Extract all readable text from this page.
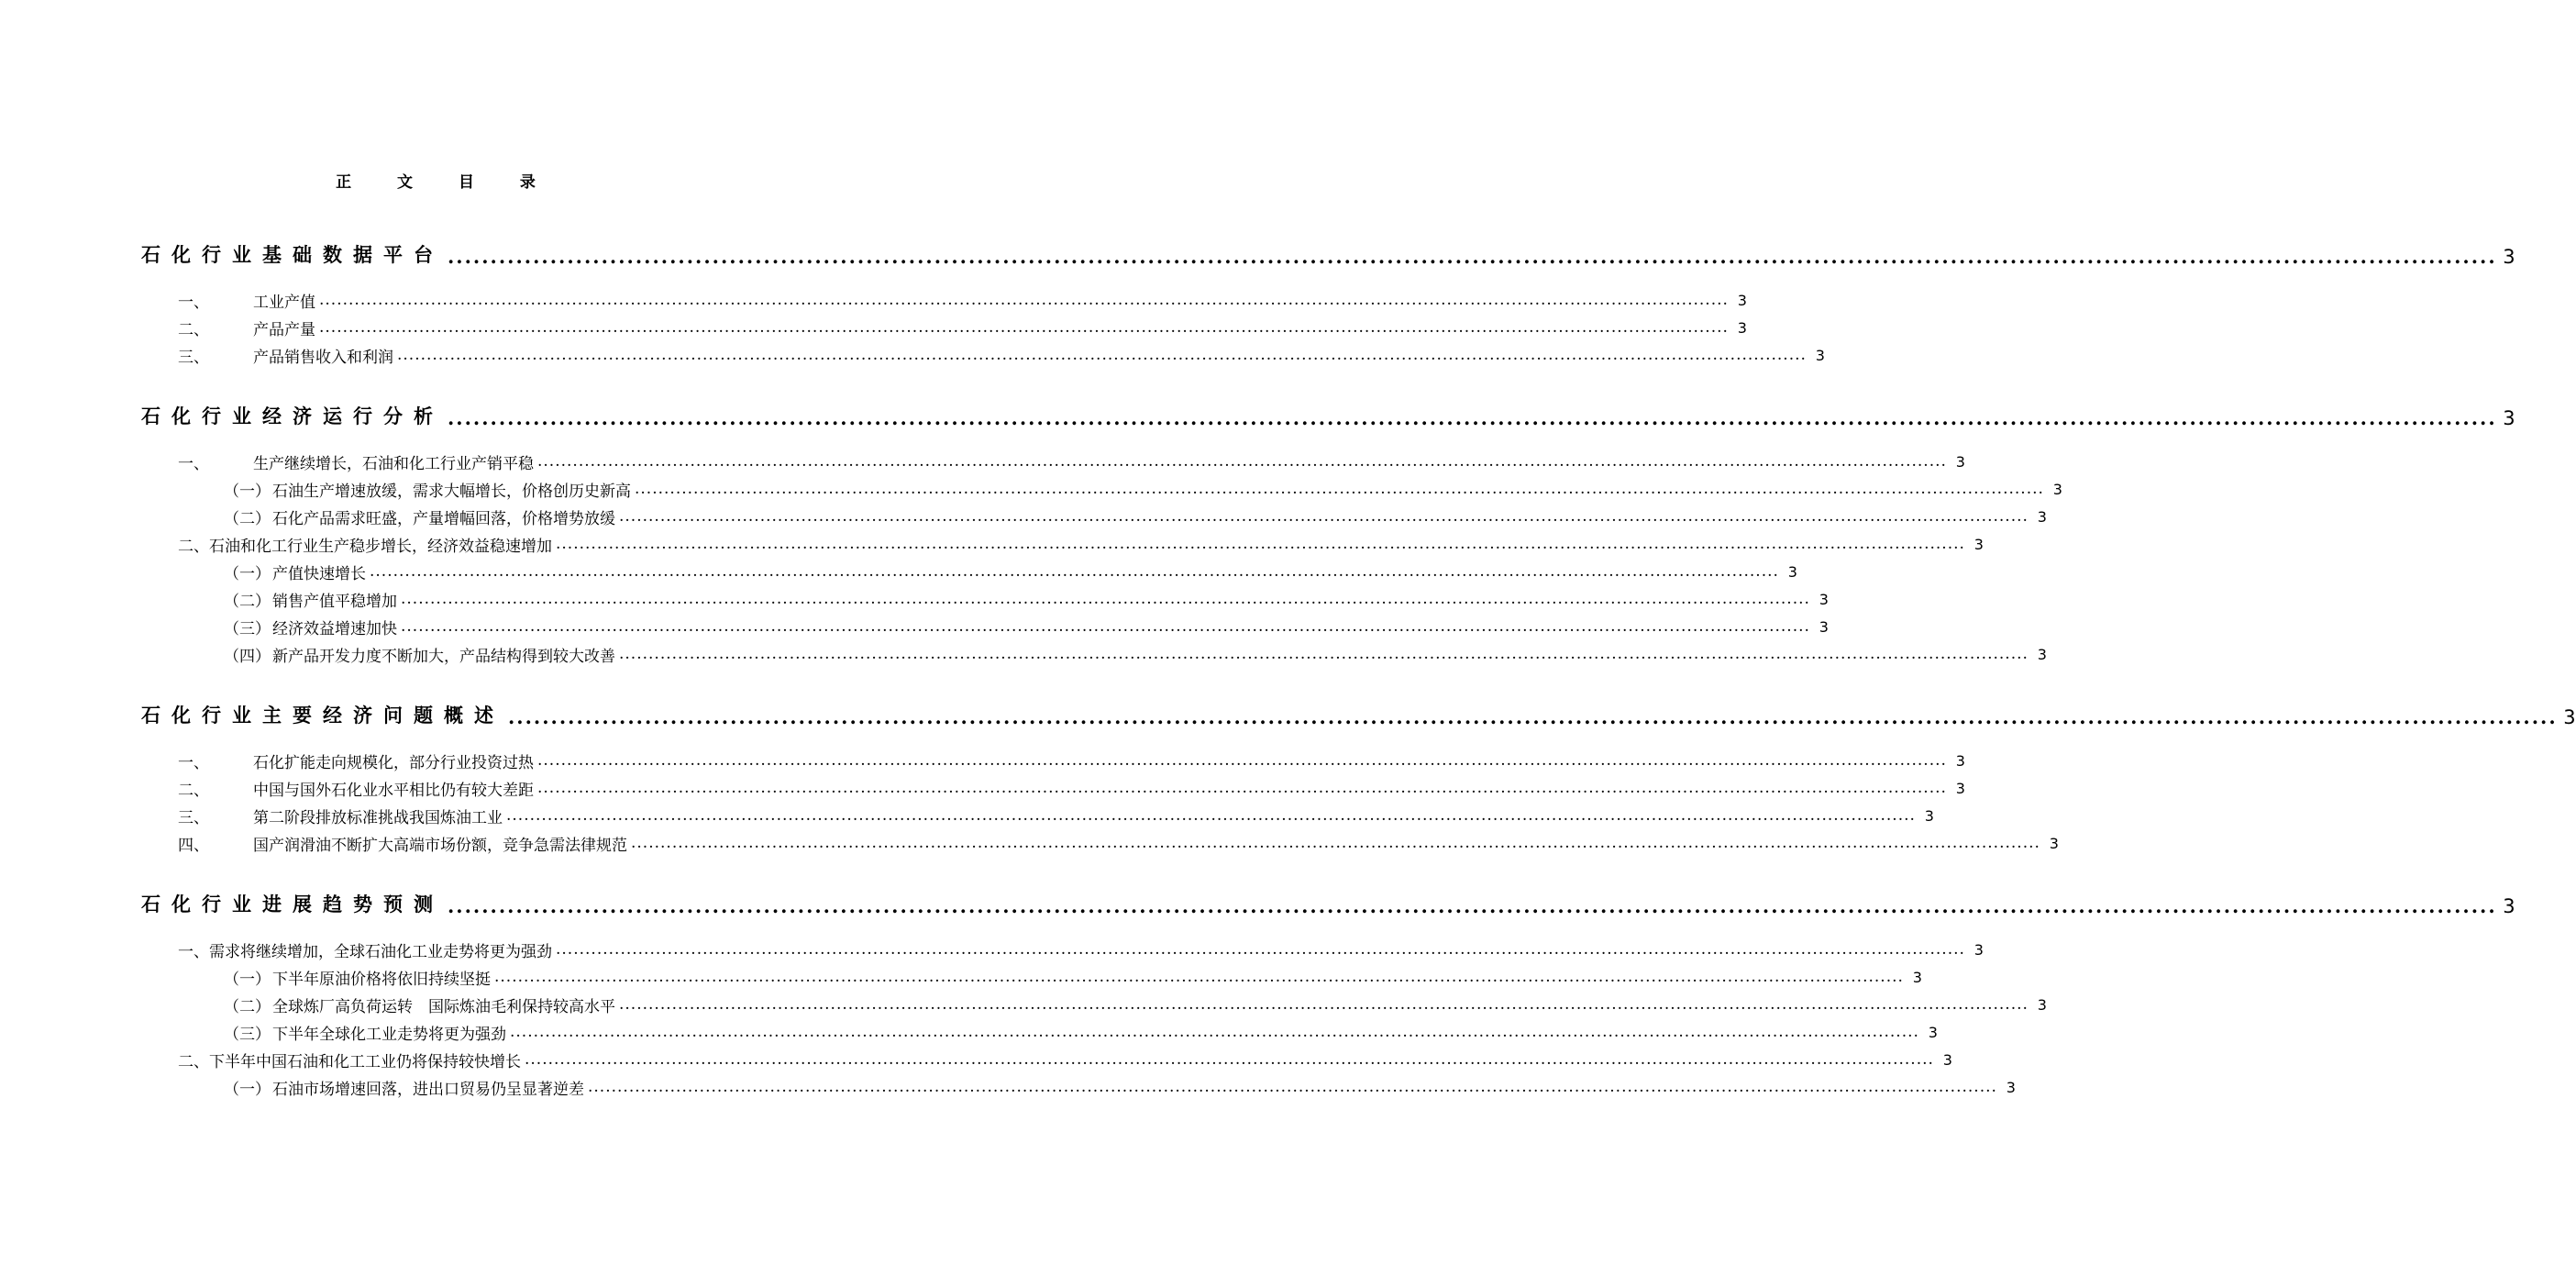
正 文 目 录
石化行业基础数据平台 .....	3
一、	工业产值 .....	3
二、	产品产量 .....	3
三、	产品销售收入和利润 .....	3
石化行业经济运行分析 .....	3
一、	生产继续增长，石油和化工行业产销平稳 .....	3
（一） 石油生产增速放缓，需求大幅增长，价格创历史新高 .....	3
（二） 石化产品需求旺盛，产量增幅回落，价格增势放缓 .....	3
二、 石油和化工行业生产稳步增长，经济效益稳速增加 .....	3
（一） 产值快速增长 .....	3
（二） 销售产值平稳增加 .....	3
（三） 经济效益增速加快 .....	3
（四） 新产品开发力度不断加大，产品结构得到较大改善 .....	3
石化行业主要经济问题概述 .....	3
一、	石化扩能走向规模化，部分行业投资过热 .....	3
二、	中国与国外石化业水平相比仍有较大差距 .....	3
三、	第二阶段排放标准挑战我国炼油工业 .....	3
四、	国产润滑油不断扩大高端市场份额，竞争急需法律规范 .....	3
石化行业进展趋势预测 .....	3
一、 需求将继续增加，全球石油化工业走势将更为强劲 .....	3
（一） 下半年原油价格将依旧持续坚挺 .....	3
（二） 全球炼厂高负荷运转　国际炼油毛利保持较高水平 .....	3
（三） 下半年全球化工业走势将更为强劲 .....	3
二、 下半年中国石油和化工工业仍将保持较快增长 .....	3
（一） 石油市场增速回落，进出口贸易仍呈显著逆差 .....	3
